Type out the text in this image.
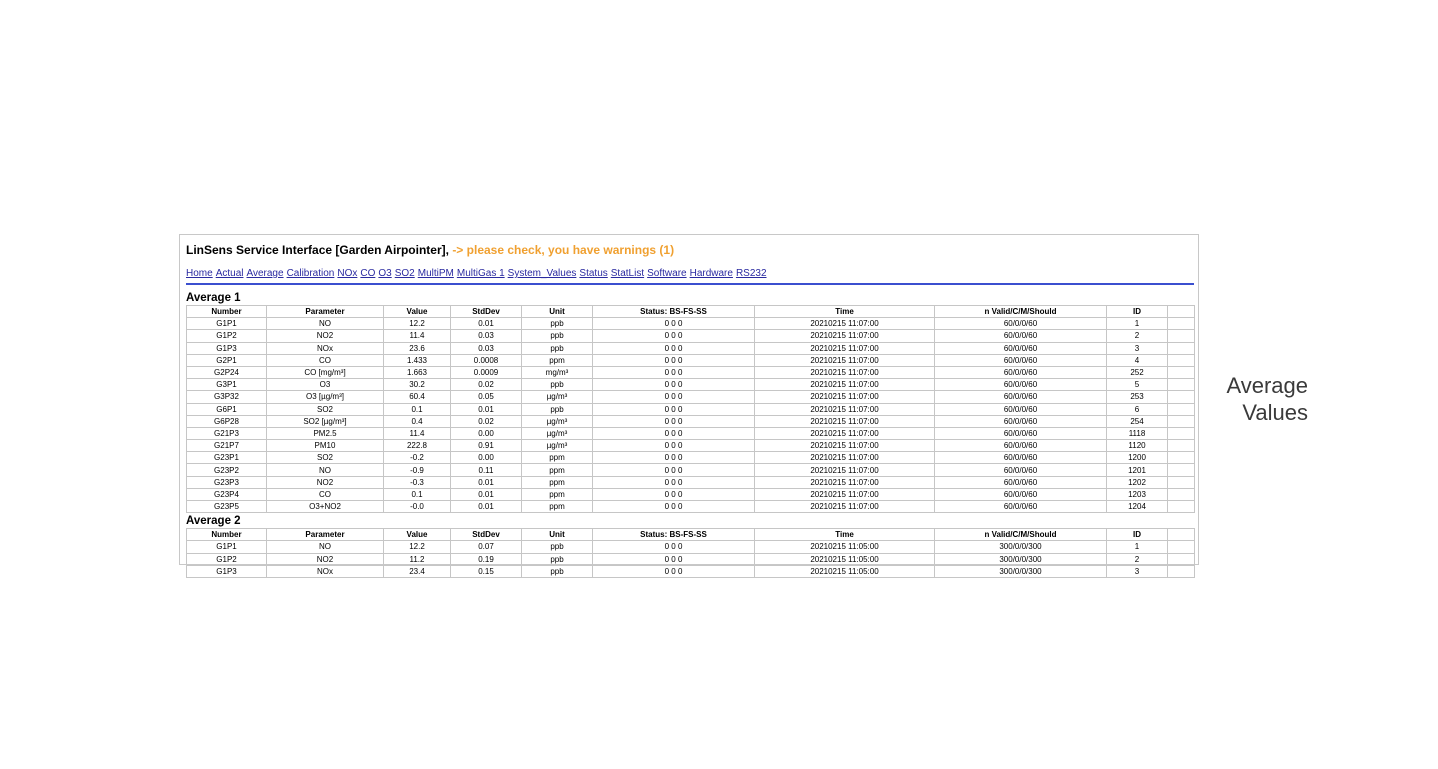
LinSens Service Interface [Garden Airpointer], -> please check, you have warnings (1)
Home Actual Average Calibration NOx CO O3 SO2 MultiPM MultiGas 1 System_Values Status StatList Software Hardware RS232
Average 1
Number	Parameter	Value	StdDev	Unit	Status: BS-FS-SS	Time	n Valid/C/M/Should	ID	
G1P1	NO	12.2	0.01	ppb	0 0 0	20210215 11:07:00	60/0/0/60	1	
G1P2	NO2	11.4	0.03	ppb	0 0 0	20210215 11:07:00	60/0/0/60	2	
G1P3	NOx	23.6	0.03	ppb	0 0 0	20210215 11:07:00	60/0/0/60	3	
G2P1	CO	1.433	0.0008	ppm	0 0 0	20210215 11:07:00	60/0/0/60	4	
G2P24	CO [mg/m³]	1.663	0.0009	mg/m³	0 0 0	20210215 11:07:00	60/0/0/60	252	
G3P1	O3	30.2	0.02	ppb	0 0 0	20210215 11:07:00	60/0/0/60	5	
G3P32	O3 [µg/m³]	60.4	0.05	µg/m³	0 0 0	20210215 11:07:00	60/0/0/60	253	
G6P1	SO2	0.1	0.01	ppb	0 0 0	20210215 11:07:00	60/0/0/60	6	
G6P28	SO2 [µg/m³]	0.4	0.02	µg/m³	0 0 0	20210215 11:07:00	60/0/0/60	254	
G21P3	PM2.5	11.4	0.00	µg/m³	0 0 0	20210215 11:07:00	60/0/0/60	1118	
G21P7	PM10	222.8	0.91	µg/m³	0 0 0	20210215 11:07:00	60/0/0/60	1120	
G23P1	SO2	-0.2	0.00	ppm	0 0 0	20210215 11:07:00	60/0/0/60	1200	
G23P2	NO	-0.9	0.11	ppm	0 0 0	20210215 11:07:00	60/0/0/60	1201	
G23P3	NO2	-0.3	0.01	ppm	0 0 0	20210215 11:07:00	60/0/0/60	1202	
G23P4	CO	0.1	0.01	ppm	0 0 0	20210215 11:07:00	60/0/0/60	1203	
G23P5	O3+NO2	-0.0	0.01	ppm	0 0 0	20210215 11:07:00	60/0/0/60	1204	
Average 2
Number	Parameter	Value	StdDev	Unit	Status: BS-FS-SS	Time	n Valid/C/M/Should	ID	
G1P1	NO	12.2	0.07	ppb	0 0 0	20210215 11:05:00	300/0/0/300	1	
G1P2	NO2	11.2	0.19	ppb	0 0 0	20210215 11:05:00	300/0/0/300	2	
G1P3	NOx	23.4	0.15	ppb	0 0 0	20210215 11:05:00	300/0/0/300	3	
Average
Values
